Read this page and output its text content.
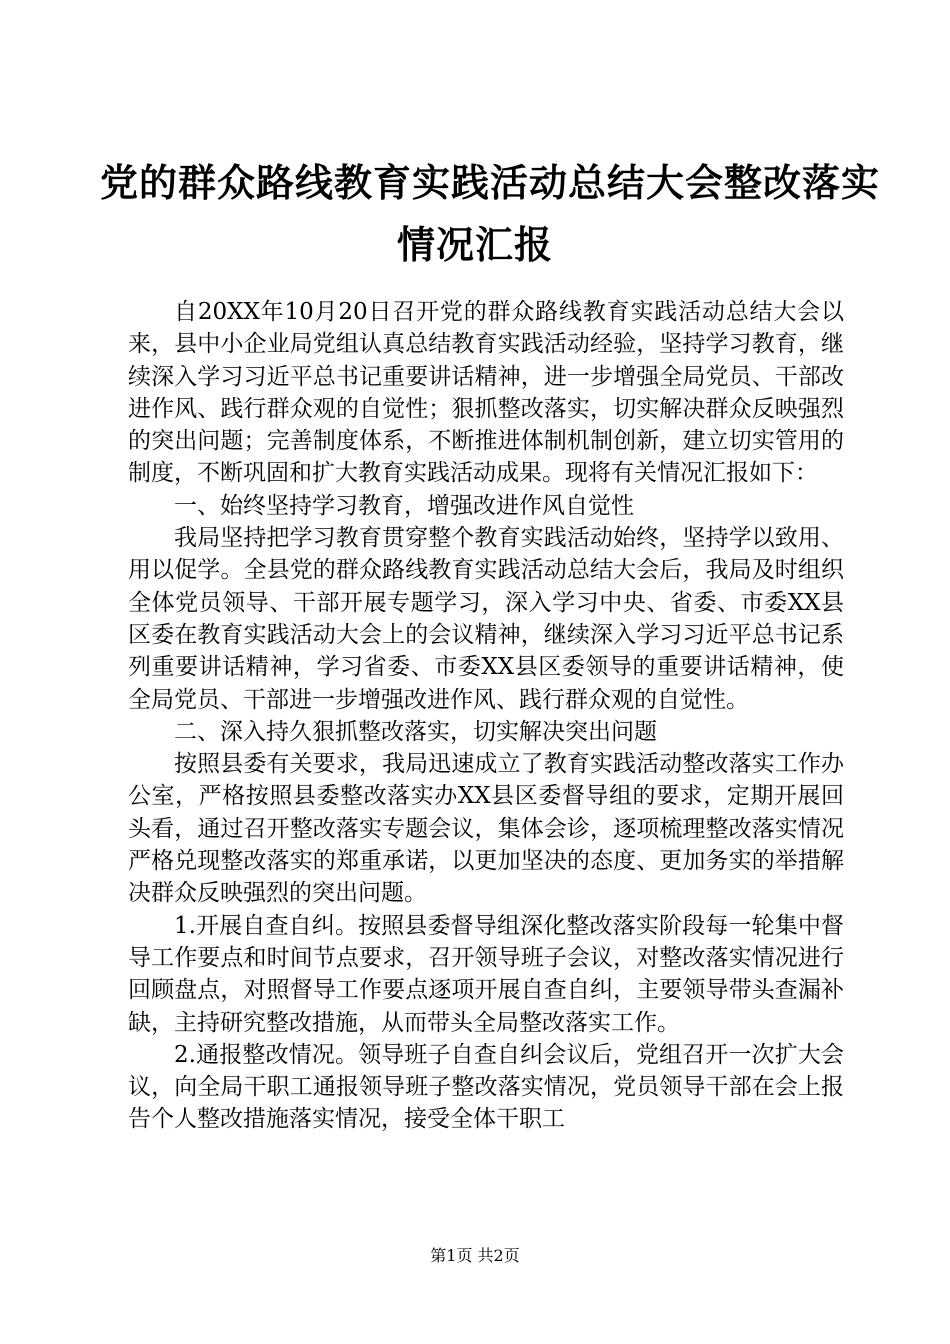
党的群众路线教育实践活动总结大会整改落实
情况汇报

自20XX年10月20日召开党的群众路线教育实践活动总结大会以来，县中小企业局党组认真总结教育实践活动经验，坚持学习教育，继续深入学习习近平总书记重要讲话精神，进一步增强全局党员、干部改进作风、践行群众观的自觉性；狠抓整改落实，切实解决群众反映强烈的突出问题；完善制度体系，不断推进体制机制创新，建立切实管用的制度，不断巩固和扩大教育实践活动成果。现将有关情况汇报如下：

一、始终坚持学习教育，增强改进作风自觉性

我局坚持把学习教育贯穿整个教育实践活动始终，坚持学以致用、用以促学。全县党的群众路线教育实践活动总结大会后，我局及时组织全体党员领导、干部开展专题学习，深入学习中央、省委、市委XX县区委在教育实践活动大会上的会议精神，继续深入学习习近平总书记系列重要讲话精神，学习省委、市委XX县区委领导的重要讲话精神，使全局党员、干部进一步增强改进作风、践行群众观的自觉性。

二、深入持久狠抓整改落实，切实解决突出问题

按照县委有关要求，我局迅速成立了教育实践活动整改落实工作办公室，严格按照县委整改落实办XX县区委督导组的要求，定期开展回头看，通过召开整改落实专题会议，集体会诊，逐项梳理整改落实情况严格兑现整改落实的郑重承诺，以更加坚决的态度、更加务实的举措解决群众反映强烈的突出问题。

1.开展自查自纠。按照县委督导组深化整改落实阶段每一轮集中督导工作要点和时间节点要求，召开领导班子会议，对整改落实情况进行回顾盘点，对照督导工作要点逐项开展自查自纠，主要领导带头查漏补缺，主持研究整改措施，从而带头全局整改落实工作。

2.通报整改情况。领导班子自查自纠会议后，党组召开一次扩大会议，向全局干职工通报领导班子整改落实情况，党员领导干部在会上报告个人整改措施落实情况，接受全体干职工

第1页 共2页
